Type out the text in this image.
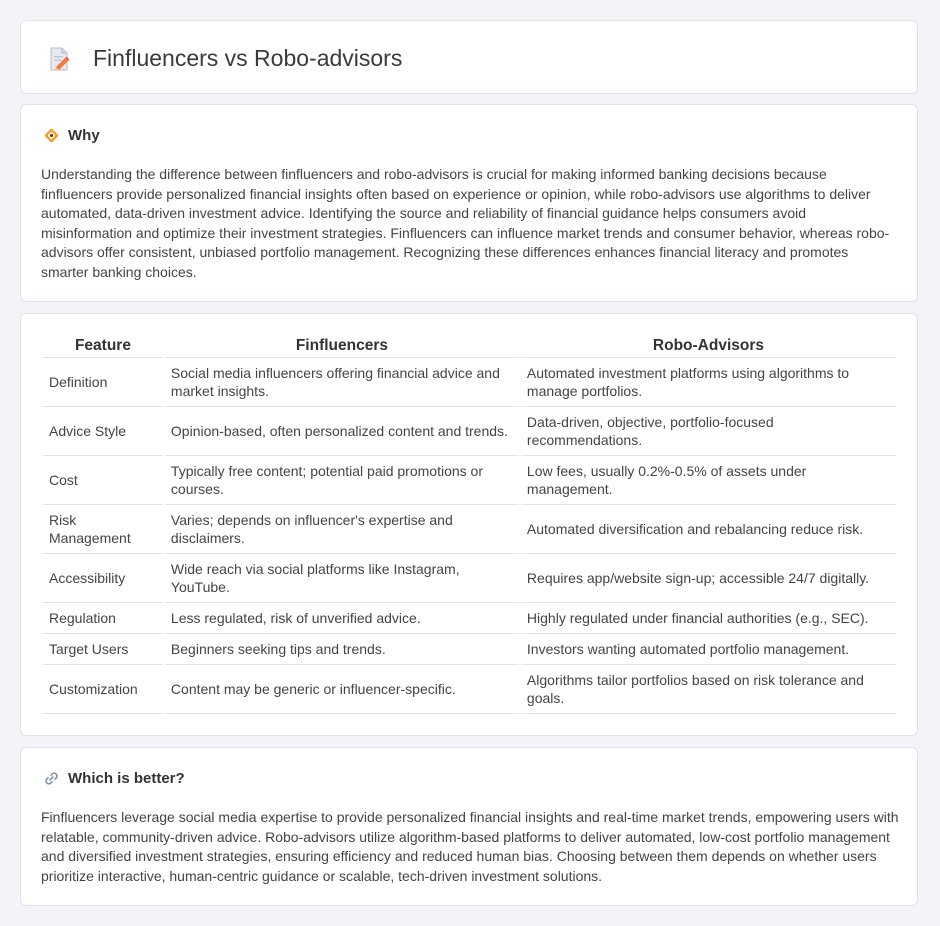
Finfluencers vs Robo-advisors
Why
Understanding the difference between finfluencers and robo-advisors is crucial for making informed banking decisions because finfluencers provide personalized financial insights often based on experience or opinion, while robo-advisors use algorithms to deliver automated, data-driven investment advice. Identifying the source and reliability of financial guidance helps consumers avoid misinformation and optimize their investment strategies. Finfluencers can influence market trends and consumer behavior, whereas robo-advisors offer consistent, unbiased portfolio management. Recognizing these differences enhances financial literacy and promotes smarter banking choices.
Feature	Finfluencers	Robo-Advisors
Definition	Social media influencers offering financial advice and market insights.	Automated investment platforms using algorithms to manage portfolios.
Advice Style	Opinion-based, often personalized content and trends.	Data-driven, objective, portfolio-focused recommendations.
Cost	Typically free content; potential paid promotions or courses.	Low fees, usually 0.2%-0.5% of assets under management.
Risk Management	Varies; depends on influencer's expertise and disclaimers.	Automated diversification and rebalancing reduce risk.
Accessibility	Wide reach via social platforms like Instagram, YouTube.	Requires app/website sign-up; accessible 24/7 digitally.
Regulation	Less regulated, risk of unverified advice.	Highly regulated under financial authorities (e.g., SEC).
Target Users	Beginners seeking tips and trends.	Investors wanting automated portfolio management.
Customization	Content may be generic or influencer-specific.	Algorithms tailor portfolios based on risk tolerance and goals.
Which is better?
Finfluencers leverage social media expertise to provide personalized financial insights and real-time market trends, empowering users with relatable, community-driven advice. Robo-advisors utilize algorithm-based platforms to deliver automated, low-cost portfolio management and diversified investment strategies, ensuring efficiency and reduced human bias. Choosing between them depends on whether users prioritize interactive, human-centric guidance or scalable, tech-driven investment solutions.
